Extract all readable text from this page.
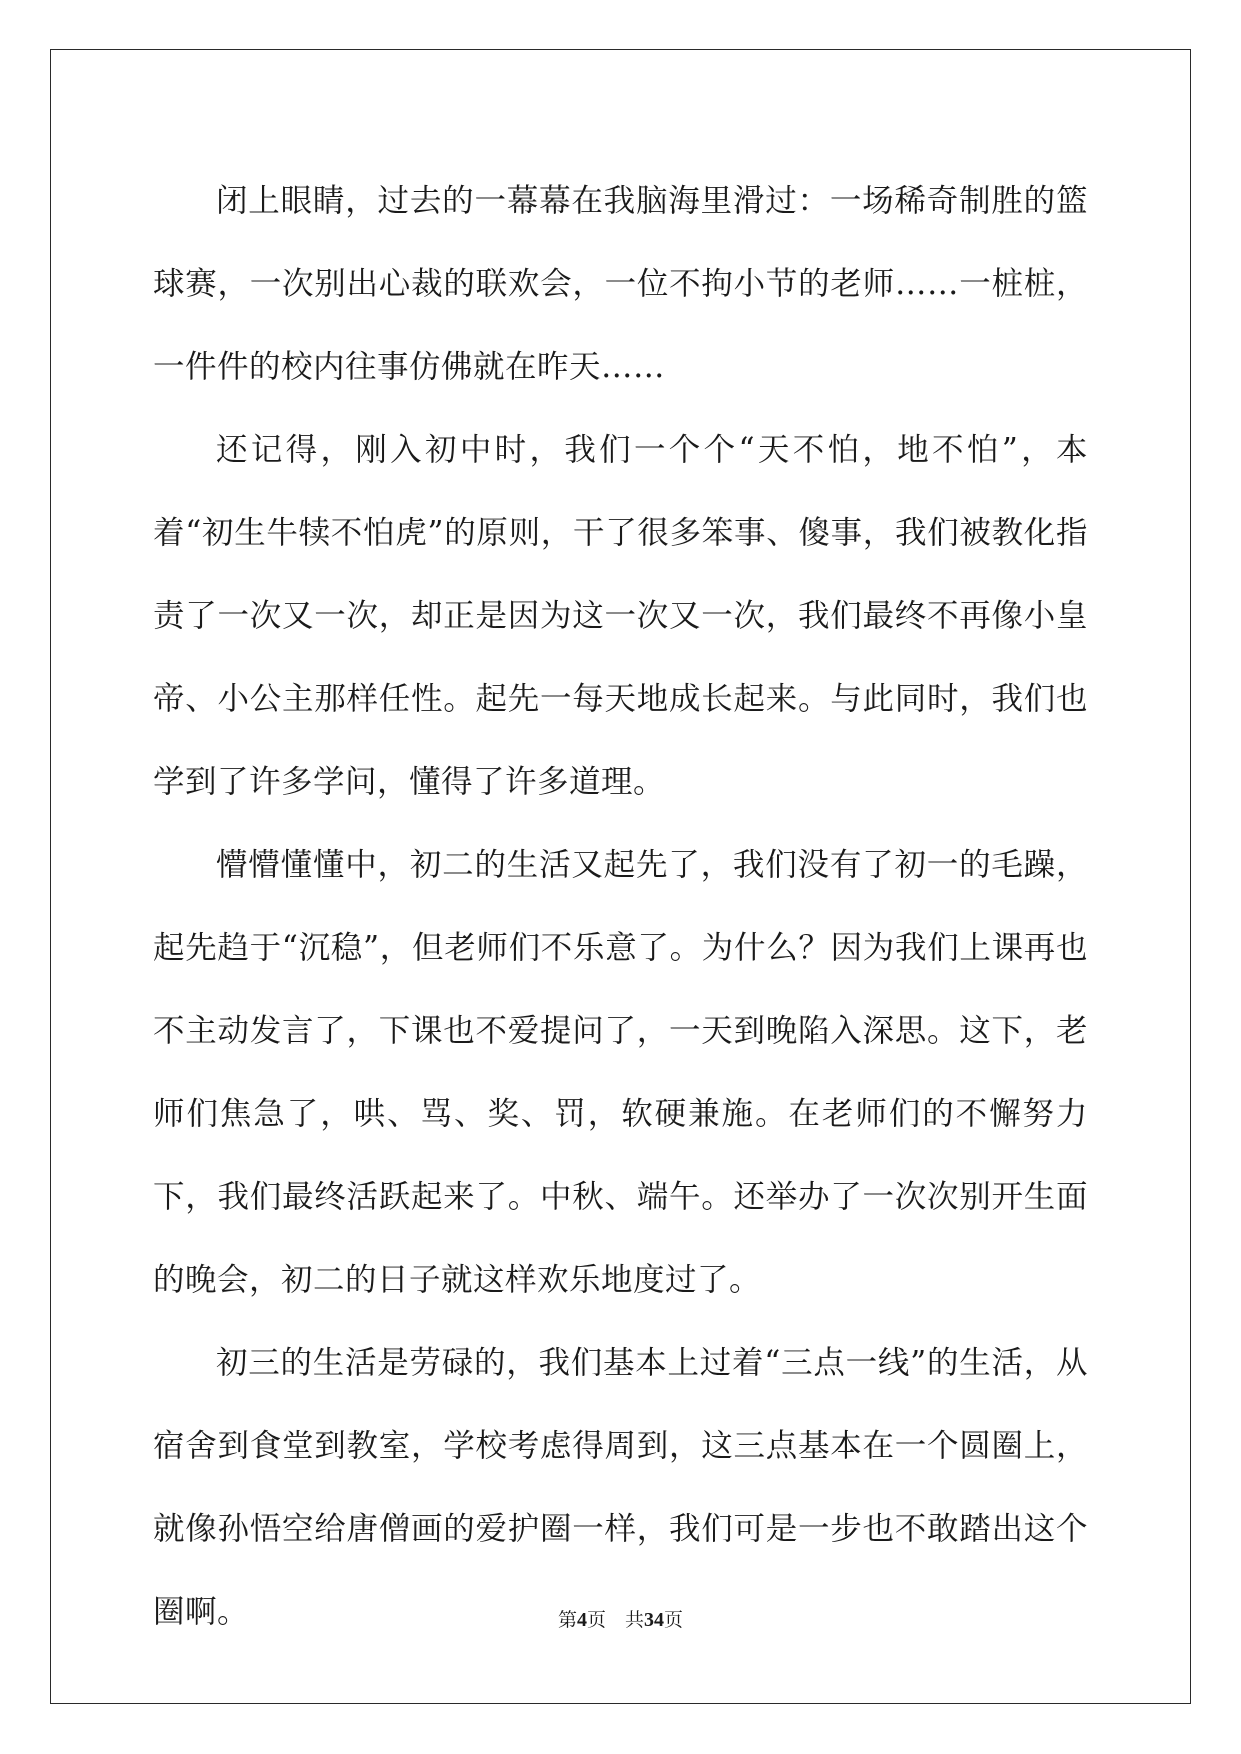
闭上眼睛，过去的一幕幕在我脑海里滑过：一场稀奇制胜的篮球赛，一次别出心裁的联欢会，一位不拘小节的老师……一桩桩，一件件的校内往事仿佛就在昨天……

还记得，刚入初中时，我们一个个“天不怕，地不怕”，本着“初生牛犊不怕虎”的原则，干了很多笨事、傻事，我们被教化指责了一次又一次，却正是因为这一次又一次，我们最终不再像小皇帝、小公主那样任性。起先一每天地成长起来。与此同时，我们也学到了许多学问，懂得了许多道理。

懵懵懂懂中，初二的生活又起先了，我们没有了初一的毛躁，起先趋于“沉稳”，但老师们不乐意了。为什么？因为我们上课再也不主动发言了，下课也不爱提问了，一天到晚陷入深思。这下，老师们焦急了，哄、骂、奖、罚，软硬兼施。在老师们的不懈努力下，我们最终活跃起来了。中秋、端午。还举办了一次次别开生面的晚会，初二的日子就这样欢乐地度过了。

初三的生活是劳碌的，我们基本上过着“三点一线”的生活，从宿舍到食堂到教室，学校考虑得周到，这三点基本在一个圆圈上，就像孙悟空给唐僧画的爱护圈一样，我们可是一步也不敢踏出这个圈啊。	第4页 共34页
